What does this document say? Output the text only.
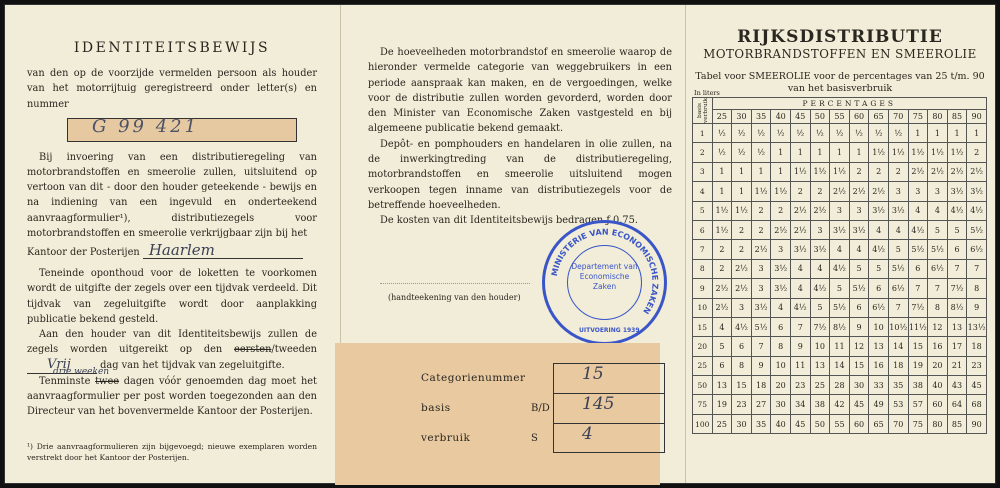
IDENTITEITSBEWIJS

van den op de voorzijde vermelden persoon als houder van het motorrijtuig geregistreerd onder letter(s) en nummer

G 99 421

Bij invoering van een distributieregeling van motorbrandstoffen en smeerolie zullen, uitsluitend op vertoon van dit - door den houder geteekende - bewijs en na indiening van een ingevuld en onderteekend aanvraagformulier¹), distributiezegels voor motorbrandstoffen en smeerolie verkrijgbaar zijn bij het

Kantoor der Posterijen Haarlem

Teneinde oponthoud voor de loketten te voorkomen wordt de uitgifte der zegels over een tijdvak verdeeld. Dit tijdvak van zegeluitgifte wordt door aanplakking publicatie bekend gesteld.

Aan den houder van dit Identiteitsbewijs zullen de zegels worden uitgereikt op den eersten/tweeden Vrij	dag van het tijdvak van zegeluitgifte.

drie weeken
Tenminste twee dagen vóór genoemden dag moet het aanvraagformulier per post worden toegezonden aan den Directeur van het bovenvermelde Kantoor der Posterijen.

¹) Drie aanvraagformulieren zijn bijgevoegd; nieuwe exemplaren worden verstrekt door het Kantoor der Posterijen.

De hoeveelheden motorbrandstof en smeerolie waarop de hieronder vermelde categorie van weggebruikers in een periode aanspraak kan maken, en de vergoedingen, welke voor de distributie zullen worden gevorderd, worden door den Minister van Economische Zaken vastgesteld en bij algemeene publicatie bekend gemaakt.

Depôt- en pomphouders en handelaren in olie zullen, na de inwerkingtreding van de distributieregeling, motorbrandstoffen en smeerolie uitsluitend mogen verkoopen tegen inname van distributiezegels voor de betreffende hoeveelheden.

De kosten van dit Identiteitsbewijs bedragen ƒ 0.75.

(handteekening van den houder)
MINISTERIE VAN ECONOMISCHE ZAKEN
Departement van Economische Zaken
UITVOERING 1939
Categorienummer	15
basis	B/D	145
verbruik	S	4
RIJKSDISTRIBUTIE
MOTORBRANDSTOFFEN EN SMEEROLIE
Tabel voor SMEEROLIE voor de percentages van 25 t/m. 90
van het basisverbruik
In liters
basis verbruik	PERCENTAGES													
	25	30	35	40	45	50	55	60	65	70	75	80	85	90
1	½	½	½	½	½	½	½	½	½	½	1	1	1	1
2	½	½	½	1	1	1	1	1	1½	1½	1½	1½	1½	2
3	1	1	1	1	1½	1½	1½	2	2	2	2½	2½	2½	2½
4	1	1	1½	1½	2	2	2½	2½	2½	3	3	3	3½	3½
5	1½	1½	2	2	2½	2½	3	3	3½	3½	4	4	4½	4½
6	1½	2	2	2½	2½	3	3½	3½	4	4	4½	5	5	5½
7	2	2	2½	3	3½	3½	4	4	4½	5	5½	5½	6	6½
8	2	2½	3	3½	4	4	4½	5	5	5½	6	6½	7	7
9	2½	2½	3	3½	4	4½	5	5½	6	6½	7	7	7½	8
10	2½	3	3½	4	4½	5	5½	6	6½	7	7½	8	8½	9
15	4	4½	5½	6	7	7½	8½	9	10	10½	11½	12	13	13½
20	5	6	7	8	9	10	11	12	13	14	15	16	17	18
25	6	8	9	10	11	13	14	15	16	18	19	20	21	23
50	13	15	18	20	23	25	28	30	33	35	38	40	43	45
75	19	23	27	30	34	38	42	45	49	53	57	60	64	68
100	25	30	35	40	45	50	55	60	65	70	75	80	85	90
